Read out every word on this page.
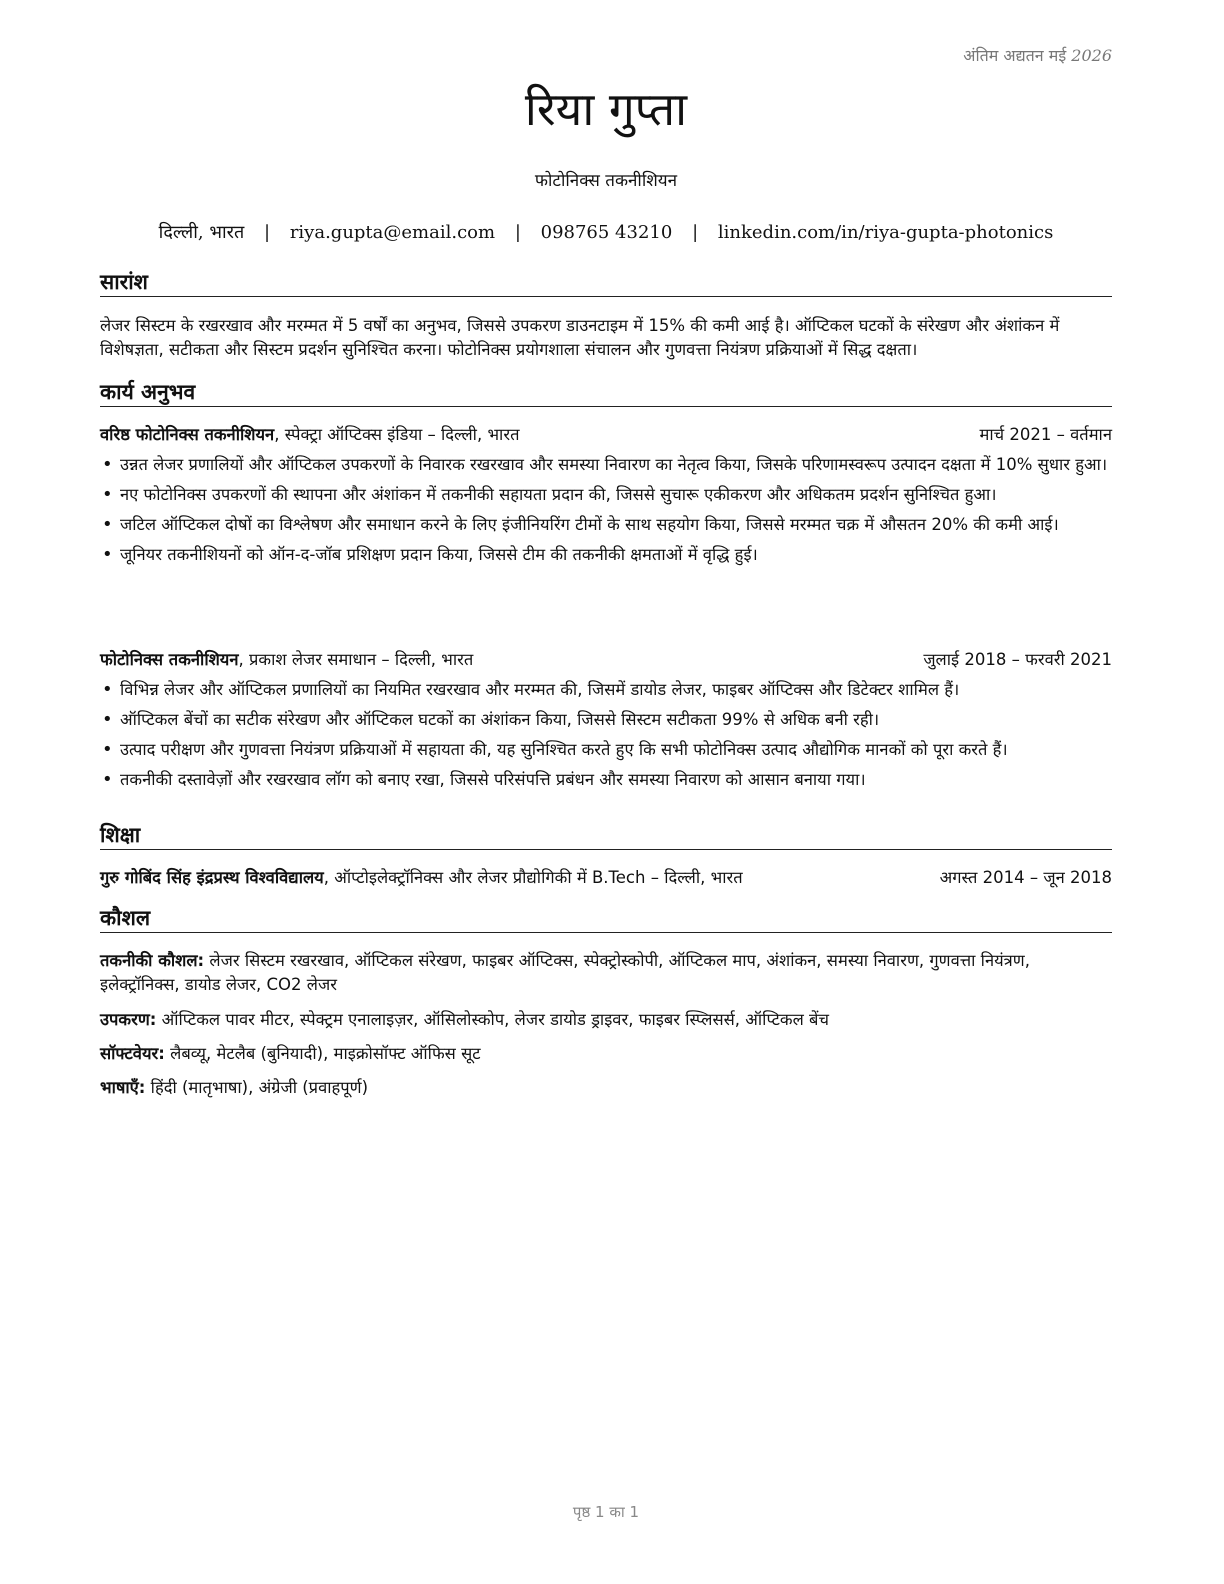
अंतिम अद्यतन मई 2026
रिया गुप्ता
फोटोनिक्स तकनीशियन
दिल्ली, भारत | riya.gupta@email.com | 098765 43210 | linkedin.com/in/riya-gupta-photonics
सारांश
लेजर सिस्टम के रखरखाव और मरम्मत में 5 वर्षों का अनुभव, जिससे उपकरण डाउनटाइम में 15% की कमी आई है। ऑप्टिकल घटकों के संरेखण और अंशांकन में विशेषज्ञता, सटीकता और सिस्टम प्रदर्शन सुनिश्चित करना। फोटोनिक्स प्रयोगशाला संचालन और गुणवत्ता नियंत्रण प्रक्रियाओं में सिद्ध दक्षता।
कार्य अनुभव
वरिष्ठ फोटोनिक्स तकनीशियन, स्पेक्ट्रा ऑप्टिक्स इंडिया – दिल्ली, भारत	मार्च 2021 – वर्तमान
• उन्नत लेजर प्रणालियों और ऑप्टिकल उपकरणों के निवारक रखरखाव और समस्या निवारण का नेतृत्व किया, जिसके परिणामस्वरूप उत्पादन दक्षता में 10% सुधार हुआ।
• नए फोटोनिक्स उपकरणों की स्थापना और अंशांकन में तकनीकी सहायता प्रदान की, जिससे सुचारू एकीकरण और अधिकतम प्रदर्शन सुनिश्चित हुआ।
• जटिल ऑप्टिकल दोषों का विश्लेषण और समाधान करने के लिए इंजीनियरिंग टीमों के साथ सहयोग किया, जिससे मरम्मत चक्र में औसतन 20% की कमी आई।
• जूनियर तकनीशियनों को ऑन-द-जॉब प्रशिक्षण प्रदान किया, जिससे टीम की तकनीकी क्षमताओं में वृद्धि हुई।
फोटोनिक्स तकनीशियन, प्रकाश लेजर समाधान – दिल्ली, भारत	जुलाई 2018 – फरवरी 2021
• विभिन्न लेजर और ऑप्टिकल प्रणालियों का नियमित रखरखाव और मरम्मत की, जिसमें डायोड लेजर, फाइबर ऑप्टिक्स और डिटेक्टर शामिल हैं।
• ऑप्टिकल बेंचों का सटीक संरेखण और ऑप्टिकल घटकों का अंशांकन किया, जिससे सिस्टम सटीकता 99% से अधिक बनी रही।
• उत्पाद परीक्षण और गुणवत्ता नियंत्रण प्रक्रियाओं में सहायता की, यह सुनिश्चित करते हुए कि सभी फोटोनिक्स उत्पाद औद्योगिक मानकों को पूरा करते हैं।
• तकनीकी दस्तावेज़ों और रखरखाव लॉग को बनाए रखा, जिससे परिसंपत्ति प्रबंधन और समस्या निवारण को आसान बनाया गया।
शिक्षा
गुरु गोबिंद सिंह इंद्रप्रस्थ विश्वविद्यालय, ऑप्टोइलेक्ट्रॉनिक्स और लेजर प्रौद्योगिकी में B.Tech – दिल्ली, भारत	अगस्त 2014 – जून 2018
कौशल
तकनीकी कौशल: लेजर सिस्टम रखरखाव, ऑप्टिकल संरेखण, फाइबर ऑप्टिक्स, स्पेक्ट्रोस्कोपी, ऑप्टिकल माप, अंशांकन, समस्या निवारण, गुणवत्ता नियंत्रण, इलेक्ट्रॉनिक्स, डायोड लेजर, CO2 लेजर
उपकरण: ऑप्टिकल पावर मीटर, स्पेक्ट्रम एनालाइज़र, ऑसिलोस्कोप, लेजर डायोड ड्राइवर, फाइबर स्प्लिसर्स, ऑप्टिकल बेंच
सॉफ्टवेयर: लैबव्यू, मेटलैब (बुनियादी), माइक्रोसॉफ्ट ऑफिस सूट
भाषाएँ: हिंदी (मातृभाषा), अंग्रेजी (प्रवाहपूर्ण)
पृष्ठ 1 का 1
